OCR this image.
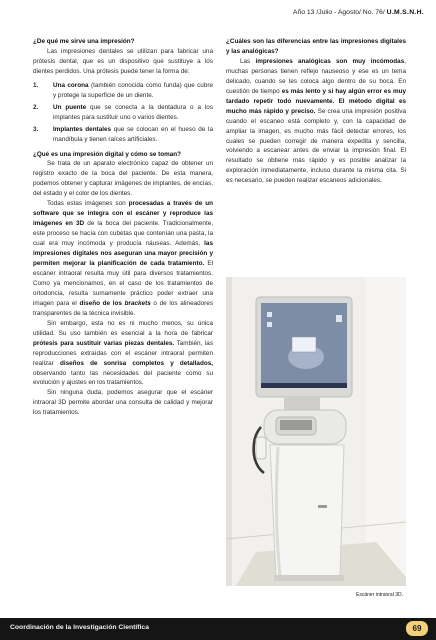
Año 13 /Julio - Agosto/ No. 76/ U.M.S.N.H.

¿De qué me sirve una impresión?

Las impresiones dentales se utilizan para fabricar una prótesis dental, que es un dispositivo que sustituye a los dientes perdidos. Una prótesis puede tener la forma de:

1. Una corona (también conocida como funda) que cubre y protege la superficie de un diente.
2. Un puente que se conecta a la dentadura o a los implantes para sustituir uno o varios dientes.
3. Implantes dentales que se colocan en el hueso de la mandíbula y tienen raíces artificiales.

¿Qué es una impresión digital y cómo se toman?

Se trata de un aparato electrónico capaz de obtener un registro exacto de la boca del paciente. De esta manera, podemos obtener y capturar imágenes de implantes, de encías, del estado y el color de los dientes.

Todas estas imágenes son procesadas a través de un software que se integra con el escáner y reproduce las imágenes en 3D de la boca del paciente. Tradicionalmente, este proceso se hacía con cubetas que contenían una pasta, la cual era muy incómoda y producía náuseas. Además, las impresiones digitales nos aseguran una mayor precisión y permiten mejorar la planificación de cada tratamiento. El escáner intraoral resulta muy útil para diversos tratamientos. Como ya mencionamos, en el caso de los tratamientos de ortodoncia, resulta sumamente práctico poder extraer una imagen para el diseño de los brackets o de los alineadores transparentes de la técnica invisible.

Sin embargo, esta no es ni mucho menos, su única utilidad. Su uso también es esencial a la hora de fabricar prótesis para sustituir varias piezas dentales. También, las reproducciones extraídas con el escáner intraoral permiten realizar diseños de sonrisa completos y detallados, observando tanto las necesidades del paciente como su evolución y ajustes en los tratamientos.

Sin ninguna duda, podemos asegurar que el escáner intraoral 3D permite abordar una consulta de calidad y mejorar los tratamientos.

¿Cuáles son las diferencias entre las impresiones digitales y las analógicas?

Las impresiones analógicas son muy incómodas, muchas personas tienen reflejo nauseoso y ese es un tema delicado, cuando se les coloca algo dentro de su boca. En cuestión de tiempo es más lento y si hay algún error es muy tardado repetir todo nuevamente. El método digital es mucho más rápido y preciso. Se crea una impresión positiva cuando el escaneo está completo y, con la capacidad de ampliar la imagen, es mucho más fácil detectar errores, los cuales se pueden corregir de manera expedita y sencilla, volviendo a escanear antes de enviar la impresión final. El resultado se obtiene más rápido y es posible analizar la exploración inmediatamente, incluso durante la misma cita. Si es necesario, se pueden realizar escaneos adicionales.

Escáner intraoral 3D.
Coordinación de la Investigación Científica	69
